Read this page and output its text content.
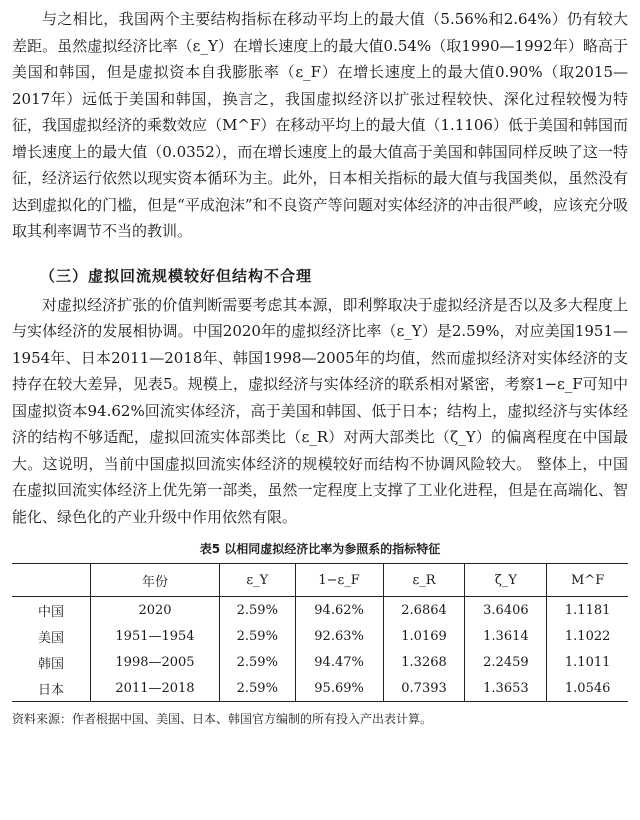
与之相比，我国两个主要结构指标在移动平均上的最大值（5.56%和2.64%）仍有较大差距。虽然虚拟经济比率（ε_Y）在增长速度上的最大值0.54%（取1990—1992年）略高于美国和韩国，但是虚拟资本自我膨胀率（ε_F）在增长速度上的最大值0.90%（取2015—2017年）远低于美国和韩国，换言之，我国虚拟经济以扩张过程较快、深化过程较慢为特征，我国虚拟经济的乘数效应（M^F）在移动平均上的最大值（1.1106）低于美国和韩国而增长速度上的最大值（0.0352），而在增长速度上的最大值高于美国和韩国同样反映了这一特征，经济运行依然以现实资本循环为主。此外，日本相关指标的最大值与我国类似，虽然没有达到虚拟化的门槛，但是“平成泡沫”和不良资产等问题对实体经济的冲击很严峻，应该充分吸取其利率调节不当的教训。

（三）虚拟回流规模较好但结构不合理

对虚拟经济扩张的价值判断需要考虑其本源，即利弊取决于虚拟经济是否以及多大程度上与实体经济的发展相协调。中国2020年的虚拟经济比率（ε_Y）是2.59%，对应美国1951—1954年、日本2011—2018年、韩国1998—2005年的均值，然而虚拟经济对实体经济的支持存在较大差异，见表5。规模上，虚拟经济与实体经济的联系相对紧密，考察1−ε_F可知中国虚拟资本94.62%回流实体经济，高于美国和韩国、低于日本；结构上，虚拟经济与实体经济的结构不够适配，虚拟回流实体部类比（ε_R）对两大部类比（ζ_Y）的偏离程度在中国最大。这说明，当前中国虚拟回流实体经济的规模较好而结构不协调风险较大。 整体上，中国在虚拟回流实体经济上优先第一部类，虽然一定程度上支撑了工业化进程，但是在高端化、智能化、绿色化的产业升级中作用依然有限。

表5 以相同虚拟经济比率为参照系的指标特征
	年份	ε_Y	1−ε_F	ε_R	ζ_Y	M^F
中国	2020	2.59%	94.62%	2.6864	3.6406	1.1181
美国	1951—1954	2.59%	92.63%	1.0169	1.3614	1.1022
韩国	1998—2005	2.59%	94.47%	1.3268	2.2459	1.1011
日本	2011—2018	2.59%	95.69%	0.7393	1.3653	1.0546

资料来源：作者根据中国、美国、日本、韩国官方编制的所有投入产出表计算。
